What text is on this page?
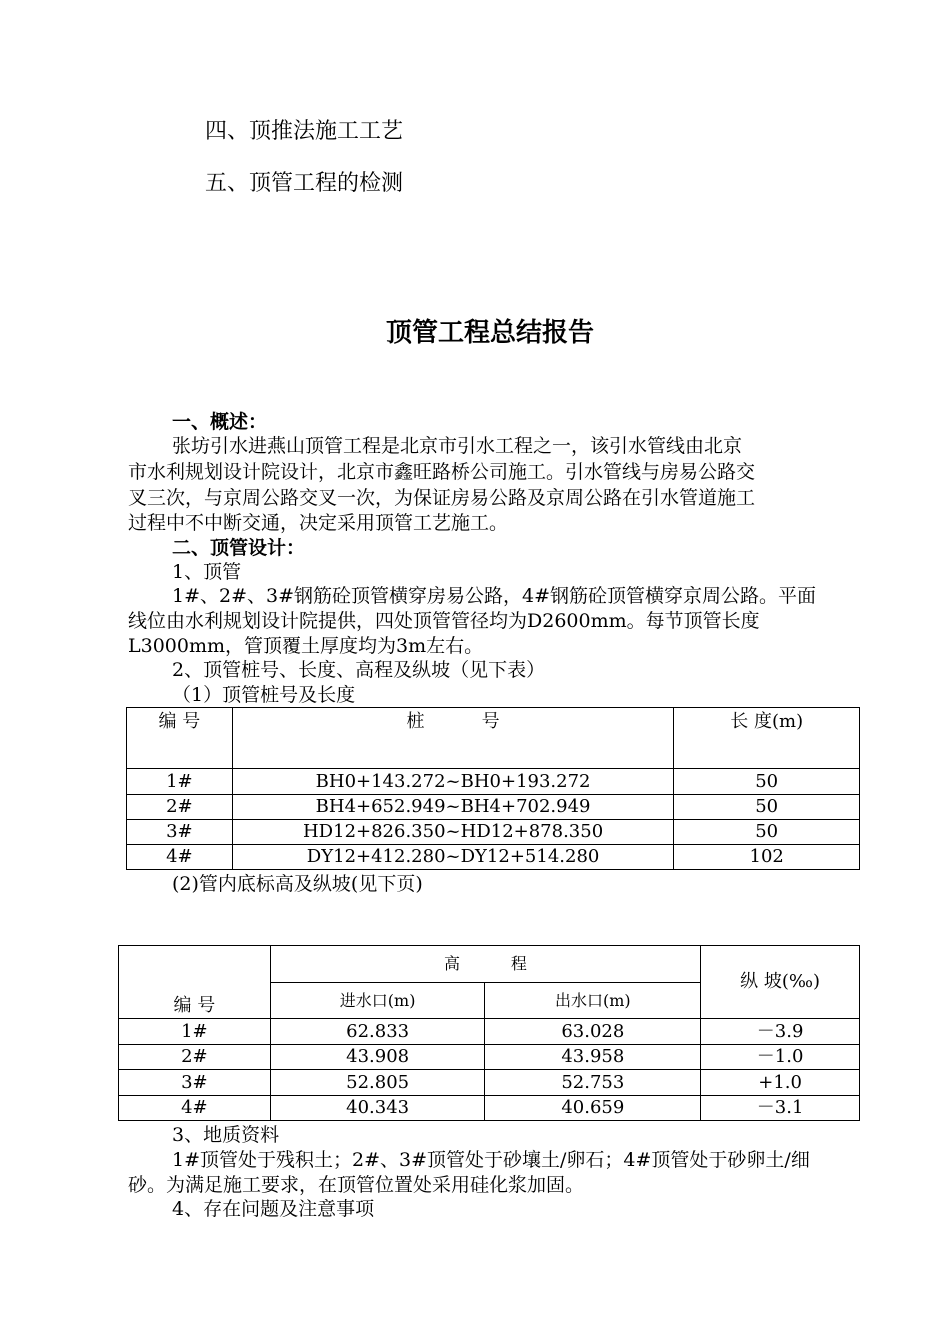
四、顶推法施工工艺
五、顶管工程的检测
顶管工程总结报告
一、概述：
张坊引水进燕山顶管工程是北京市引水工程之一，该引水管线由北京
市水利规划设计院设计，北京市鑫旺路桥公司施工。引水管线与房易公路交
叉三次，与京周公路交叉一次，为保证房易公路及京周公路在引水管道施工
过程中不中断交通，决定采用顶管工艺施工。
二、顶管设计：
1、顶管
1#、2#、3#钢筋砼顶管横穿房易公路，4#钢筋砼顶管横穿京周公路。平面
线位由水利规划设计院提供，四处顶管管径均为D2600mm。每节顶管长度
L3000mm，管顶覆土厚度均为3m左右。
2、顶管桩号、长度、高程及纵坡（见下表）
（1）顶管桩号及长度
编 号	桩          号	长 度(m)
1#	BH0+143.272~BH0+193.272	50
2#	BH4+652.949~BH4+702.949	50
3#	HD12+826.350~HD12+878.350	50
4#	DY12+412.280~DY12+514.280	102
(2)管内底标高及纵坡(见下页)
编 号	高          程		纵 坡(‰)
	进水口(m)	出水口(m)	
1#	62.833	63.028	－3.9
2#	43.908	43.958	－1.0
3#	52.805	52.753	+1.0
4#	40.343	40.659	－3.1
3、地质资料
1#顶管处于残积土；2#、3#顶管处于砂壤土/卵石；4#顶管处于砂卵土/细
砂。为满足施工要求，在顶管位置处采用硅化浆加固。
4、存在问题及注意事项
